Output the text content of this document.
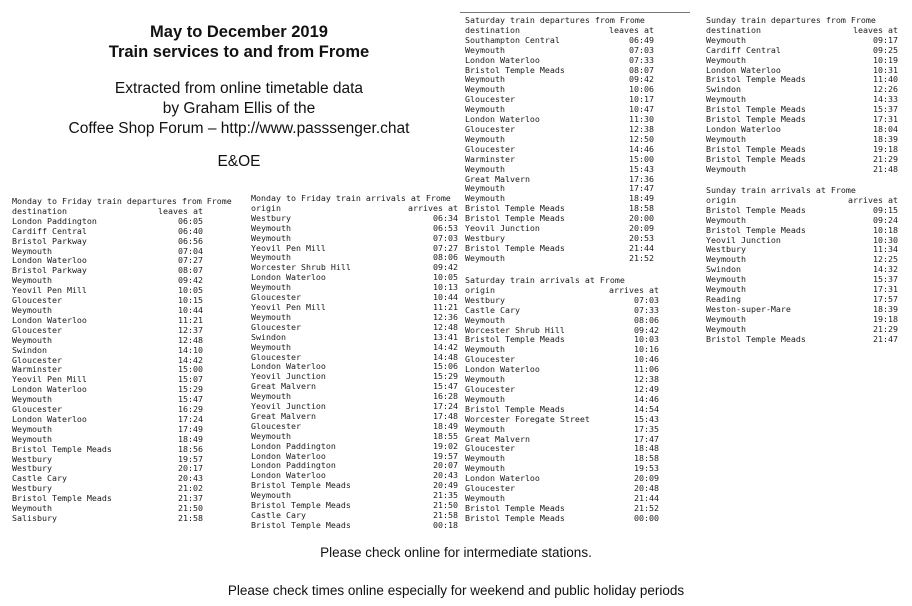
May to December 2019
Train services to and from Frome
Extracted from online timetable data
by Graham Ellis of the
Coffee Shop Forum – http://www.passsenger.chat
E&OE
Monday to Friday train departures from Frome
destination	leaves at
London Paddington	06:05
Cardiff Central	06:40
Bristol Parkway	06:56
Weymouth	07:04
London Waterloo	07:27
Bristol Parkway	08:07
Weymouth	09:42
Yeovil Pen Mill	10:05
Gloucester	10:15
Weymouth	10:44
London Waterloo	11:21
Gloucester	12:37
Weymouth	12:48
Swindon	14:10
Gloucester	14:42
Warminster	15:00
Yeovil Pen Mill	15:07
London Waterloo	15:29
Weymouth	15:47
Gloucester	16:29
London Waterloo	17:24
Weymouth	17:49
Weymouth	18:49
Bristol Temple Meads	18:56
Westbury	19:57
Westbury	20:17
Castle Cary	20:43
Westbury	21:02
Bristol Temple Meads	21:37
Weymouth	21:50
Salisbury	21:58
Monday to Friday train arrivals at Frome
origin	arrives at
Westbury	06:34
Weymouth	06:53
Weymouth	07:03
Yeovil Pen Mill	07:27
Weymouth	08:06
Worcester Shrub Hill	09:42
London Waterloo	10:05
Weymouth	10:13
Gloucester	10:44
Yeovil Pen Mill	11:21
Weymouth	12:36
Gloucester	12:48
Swindon	13:41
Weymouth	14:42
Gloucester	14:48
London Waterloo	15:06
Yeovil Junction	15:29
Great Malvern	15:47
Weymouth	16:28
Yeovil Junction	17:24
Great Malvern	17:48
Gloucester	18:49
Weymouth	18:55
London Paddington	19:02
London Waterloo	19:57
London Paddington	20:07
London Waterloo	20:43
Bristol Temple Meads	20:49
Weymouth	21:35
Bristol Temple Meads	21:50
Castle Cary	21:58
Bristol Temple Meads	00:18
Saturday train departures from Frome
destination	leaves at
Southampton Central	06:49
Weymouth	07:03
London Waterloo	07:33
Bristol Temple Meads	08:07
Weymouth	09:42
Weymouth	10:06
Gloucester	10:17
Weymouth	10:47
London Waterloo	11:30
Gloucester	12:38
Weymouth	12:50
Gloucester	14:46
Warminster	15:00
Weymouth	15:43
Great Malvern	17:36
Weymouth	17:47
Weymouth	18:49
Bristol Temple Meads	18:58
Bristol Temple Meads	20:00
Yeovil Junction	20:09
Westbury	20:53
Bristol Temple Meads	21:44
Weymouth	21:52
Saturday train arrivals at Frome
origin	arrives at
Westbury	07:03
Castle Cary	07:33
Weymouth	08:06
Worcester Shrub Hill	09:42
Bristol Temple Meads	10:03
Weymouth	10:16
Gloucester	10:46
London Waterloo	11:06
Weymouth	12:38
Gloucester	12:49
Weymouth	14:46
Bristol Temple Meads	14:54
Worcester Foregate Street	15:43
Weymouth	17:35
Great Malvern	17:47
Gloucester	18:48
Weymouth	18:58
Weymouth	19:53
London Waterloo	20:09
Gloucester	20:48
Weymouth	21:44
Bristol Temple Meads	21:52
Bristol Temple Meads	00:00
Sunday train departures from Frome
destination	leaves at
Weymouth	09:17
Cardiff Central	09:25
Weymouth	10:19
London Waterloo	10:31
Bristol Temple Meads	11:40
Swindon	12:26
Weymouth	14:33
Bristol Temple Meads	15:37
Bristol Temple Meads	17:31
London Waterloo	18:04
Weymouth	18:39
Bristol Temple Meads	19:18
Bristol Temple Meads	21:29
Weymouth	21:48
Sunday train arrivals at Frome
origin	arrives at
Bristol Temple Meads	09:15
Weymouth	09:24
Bristol Temple Meads	10:18
Yeovil Junction	10:30
Westbury	11:34
Weymouth	12:25
Swindon	14:32
Weymouth	15:37
Weymouth	17:31
Reading	17:57
Weston-super-Mare	18:39
Weymouth	19:18
Weymouth	21:29
Bristol Temple Meads	21:47
Please check online for intermediate stations.
Please check times online especially for weekend and public holiday periods
